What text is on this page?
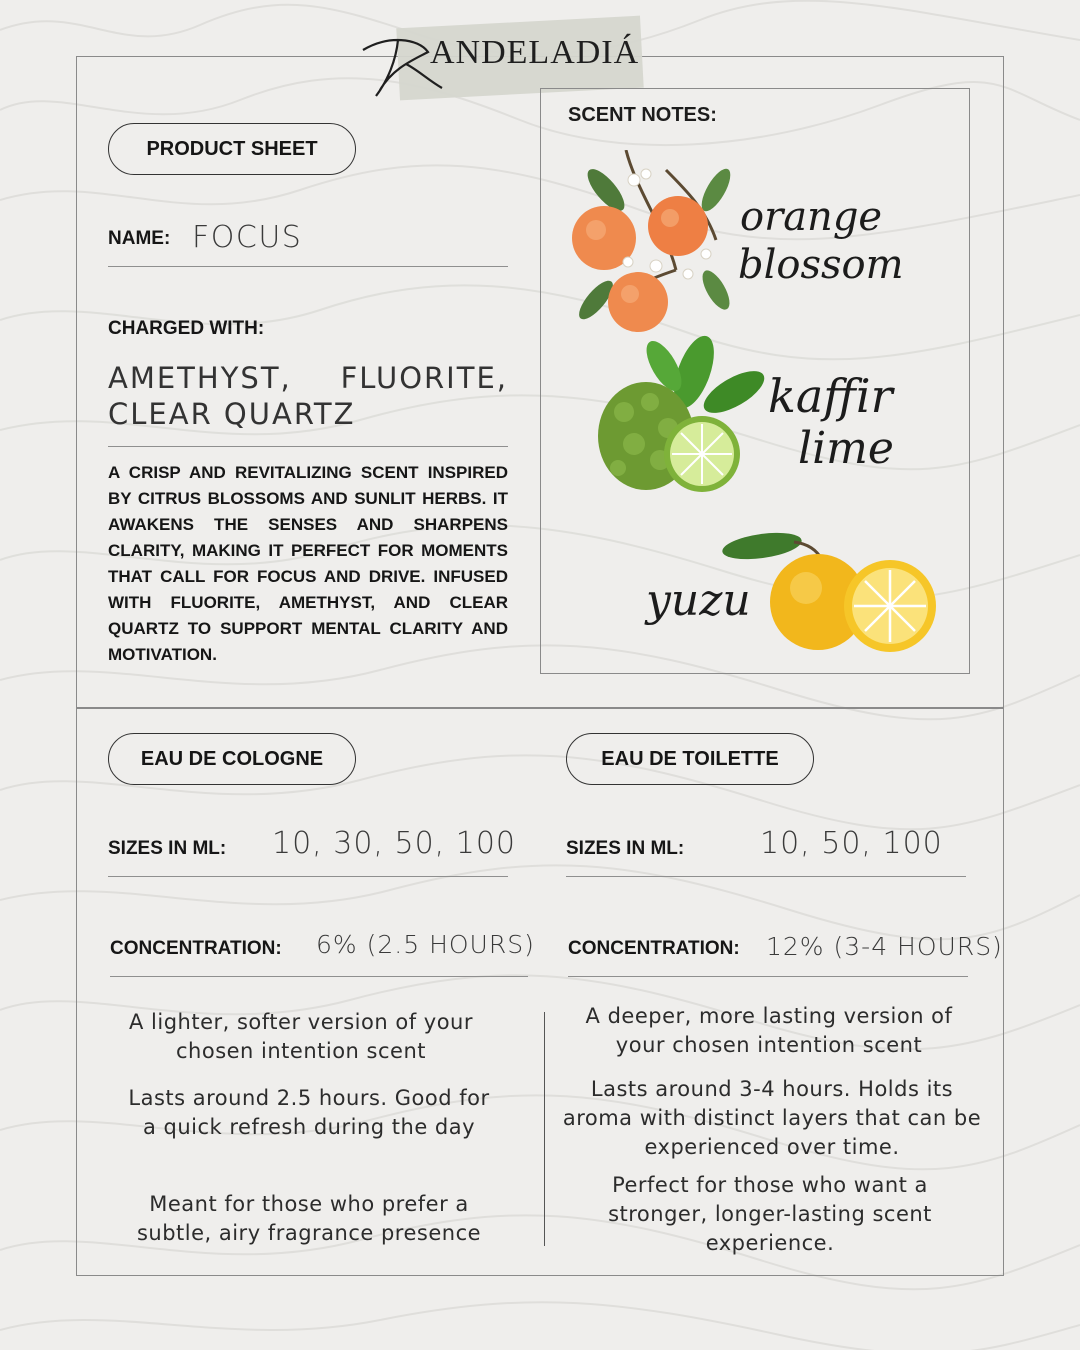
ANDELADIÁ
PRODUCT SHEET
NAME: FOCUS
CHARGED WITH:
AMETHYST, FLUORITE, CLEAR QUARTZ
A CRISP AND REVITALIZING SCENT INSPIRED BY CITRUS BLOSSOMS AND SUNLIT HERBS. IT AWAKENS THE SENSES AND SHARPENS CLARITY, MAKING IT PERFECT FOR MOMENTS THAT CALL FOR FOCUS AND DRIVE. INFUSED WITH FLUORITE, AMETHYST, AND CLEAR QUARTZ TO SUPPORT MENTAL CLARITY AND MOTIVATION.
SCENT NOTES:
orange
blossom
kaffir
lime
yuzu
EAU DE COLOGNE
SIZES IN ML: 10, 30, 50, 100
CONCENTRATION: 6% (2.5 HOURS)
A lighter, softer version of your chosen intention scent
Lasts around 2.5 hours. Good for a quick refresh during the day
Meant for those who prefer a subtle, airy fragrance presence
EAU DE TOILETTE
SIZES IN ML:	10, 50, 100
CONCENTRATION: 12% (3-4 HOURS)
A deeper, more lasting version of your chosen intention scent
Lasts around 3-4 hours. Holds its aroma with distinct layers that can be experienced over time.
Perfect for those who want a stronger, longer-lasting scent experience.
